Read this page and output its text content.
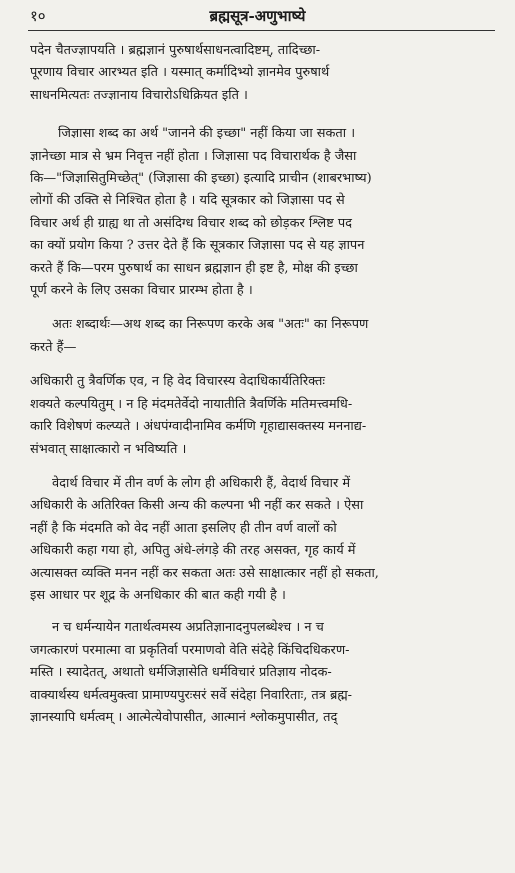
१०	ब्रह्मसूत्र-अणुभाष्ये

पदेन चैतज्ज्ञापयति । ब्रह्मज्ञानं पुरुषार्थसाधनत्वादिष्टम्, तादिच्छा-
पूरणाय विचार आरभ्यत इति । यस्मात् कर्मादिभ्यो ज्ञानमेव पुरुषार्थ
साधनमित्यतः तज्ज्ञानाय विचारोऽधिक्रियत इति ।

जिज्ञासा शब्द का अर्थ "जानने की इच्छा" नहीं किया जा सकता ।
ज्ञानेच्छा मात्र से भ्रम निवृत्त नहीं होता । जिज्ञासा पद विचारार्थक है जैसा
कि—"जिज्ञासितुमिच्छेत्" (जिज्ञासा की इच्छा) इत्यादि प्राचीन (शाबरभाष्य)
लोगों की उक्ति से निश्चित होता है । यदि सूत्रकार को जिज्ञासा पद से
विचार अर्थ ही ग्राह्य था तो असंदिग्ध विचार शब्द को छोड़कर श्लिष्ट पद
का क्यों प्रयोग किया ? उत्तर देते हैं कि सूत्रकार जिज्ञासा पद से यह ज्ञापन
करते हैं कि—परम पुरुषार्थ का साधन ब्रह्मज्ञान ही इष्ट है, मोक्ष की इच्छा
पूर्ण करने के लिए उसका विचार प्रारम्भ होता है ।

अतः शब्दार्थः—अथ शब्द का निरूपण करके अब "अतः" का निरूपण
करते हैं—

अधिकारी तु त्रैवर्णिक एव, न हि वेद विचारस्य वेदाधिकार्यतिरिक्तः
शक्यते कल्पयितुम् । न हि मंदमतेर्वेदो नायातीति त्रैवर्णिके मतिमत्त्वमधि-
कारि विशेषणं कल्प्यते । अंधपंग्वादीनामिव कर्मणि गृहाद्यासक्तस्य मननाद्य-
संभवात् साक्षात्कारो न भविष्यति ।

वेदार्थ विचार में तीन वर्ण के लोग ही अधिकारी हैं, वेदार्थ विचार में
अधिकारी के अतिरिक्त किसी अन्य की कल्पना भी नहीं कर सकते । ऐसा
नहीं है कि मंदमति को वेद नहीं आता इसलिए ही तीन वर्ण वालों को
अधिकारी कहा गया हो, अपितु अंधे-लंगड़े की तरह असक्त, गृह कार्य में
अत्यासक्त व्यक्ति मनन नहीं कर सकता अतः उसे साक्षात्कार नहीं हो सकता,
इस आधार पर शूद्र के अनधिकार की बात कही गयी है ।

न च धर्मन्यायेन गतार्थत्वमस्य अप्रतिज्ञानादनुपलब्धेश्च । न च
जगत्कारणं परमात्मा वा प्रकृतिर्वा परमाणवो वेति संदेहे किंचिदधिकरण-
मस्ति । स्यादेतत्, अथातो धर्मजिज्ञासेति धर्मविचारं प्रतिज्ञाय नोदक-
वाक्यार्थस्य धर्मत्वमुक्त्वा प्रामाण्यपुरःसरं सर्वे संदेहा निवारिताः, तत्र ब्रह्म-
ज्ञानस्यापि धर्मत्वम् । आत्मेत्येवोपासीत, आत्मानं श्लोकमुपासीत, तद्
